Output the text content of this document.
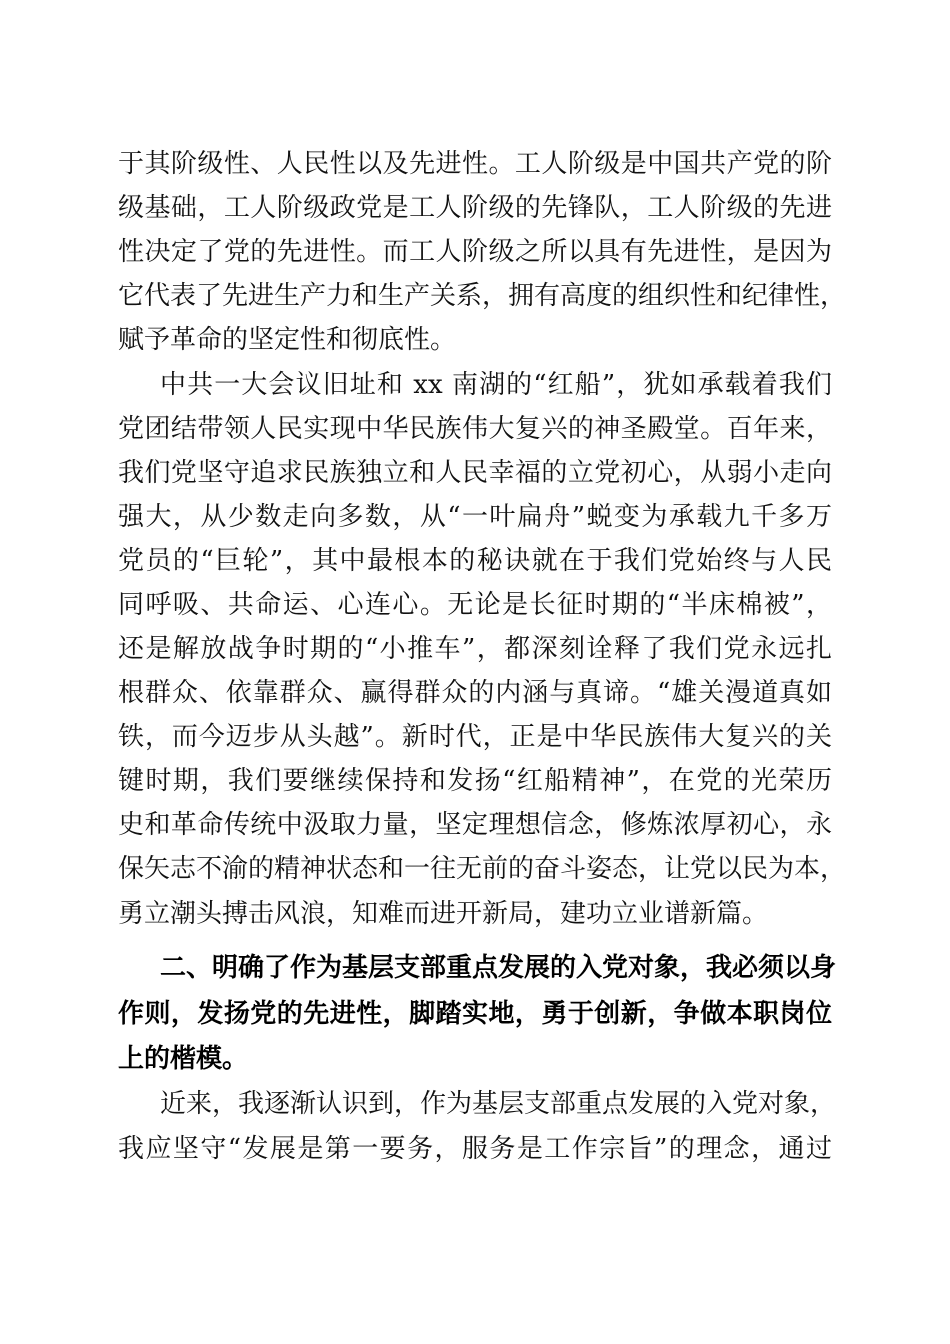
于其阶级性、人民性以及先进性。工人阶级是中国共产党的阶
级基础，工人阶级政党是工人阶级的先锋队，工人阶级的先进
性决定了党的先进性。而工人阶级之所以具有先进性，是因为
它代表了先进生产力和生产关系，拥有高度的组织性和纪律性，
赋予革命的坚定性和彻底性。
中共一大会议旧址和 xx 南湖的“红船”，犹如承载着我们
党团结带领人民实现中华民族伟大复兴的神圣殿堂。百年来，
我们党坚守追求民族独立和人民幸福的立党初心，从弱小走向
强大，从少数走向多数，从“一叶扁舟”蜕变为承载九千多万
党员的“巨轮”，其中最根本的秘诀就在于我们党始终与人民
同呼吸、共命运、心连心。无论是长征时期的“半床棉被”，
还是解放战争时期的“小推车”，都深刻诠释了我们党永远扎
根群众、依靠群众、赢得群众的内涵与真谛。“雄关漫道真如
铁，而今迈步从头越”。新时代，正是中华民族伟大复兴的关
键时期，我们要继续保持和发扬“红船精神”，在党的光荣历
史和革命传统中汲取力量，坚定理想信念，修炼浓厚初心，永
保矢志不渝的精神状态和一往无前的奋斗姿态，让党以民为本，
勇立潮头搏击风浪，知难而进开新局，建功立业谱新篇。
二、明确了作为基层支部重点发展的入党对象，我必须以身
作则，发扬党的先进性，脚踏实地，勇于创新，争做本职岗位
上的楷模。
近来，我逐渐认识到，作为基层支部重点发展的入党对象，
我应坚守“发展是第一要务，服务是工作宗旨”的理念，通过
